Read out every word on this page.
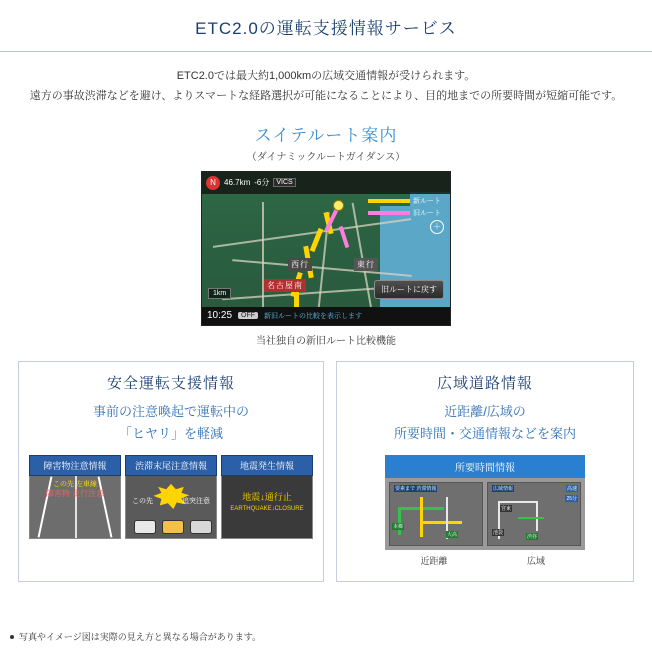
ETC2.0の運転支援情報サービス
ETC2.0では最大約1,000kmの広域交通情報が受けられます。
遠方の事故渋滞などを避け、よりスマートな経路選択が可能になることにより、目的地までの所要時間が短縮可能です。
スイテルート案内
（ダイナミックルートガイダンス）
名古屋南
西行	東行
N	46.7km -6分	VICS
新ルート
旧ルート
＋
旧ルートに戻す
1km
10:25	OFF	新旧ルートの比較を表示します
当社独自の新旧ルート比較機能
安全運転支援情報
事前の注意喚起で運転中の
「ヒヤリ」を軽減
障害物注意情報
この先 左車線
障害物 走行注意
渋滞末尾注意情報
この先	追突注意
地震発生情報
地震↓通行止
EARTHQUAKE↓CLOSURE
広域道路情報
近距離/広域の
所要時間・交通情報などを案内
所要時間情報
要素まで 渋滞情報
本郷
大高
広域情報	高速
25分
宮東
池袋
渋谷
近距離	広域
写真やイメージ図は実際の見え方と異なる場合があります。
